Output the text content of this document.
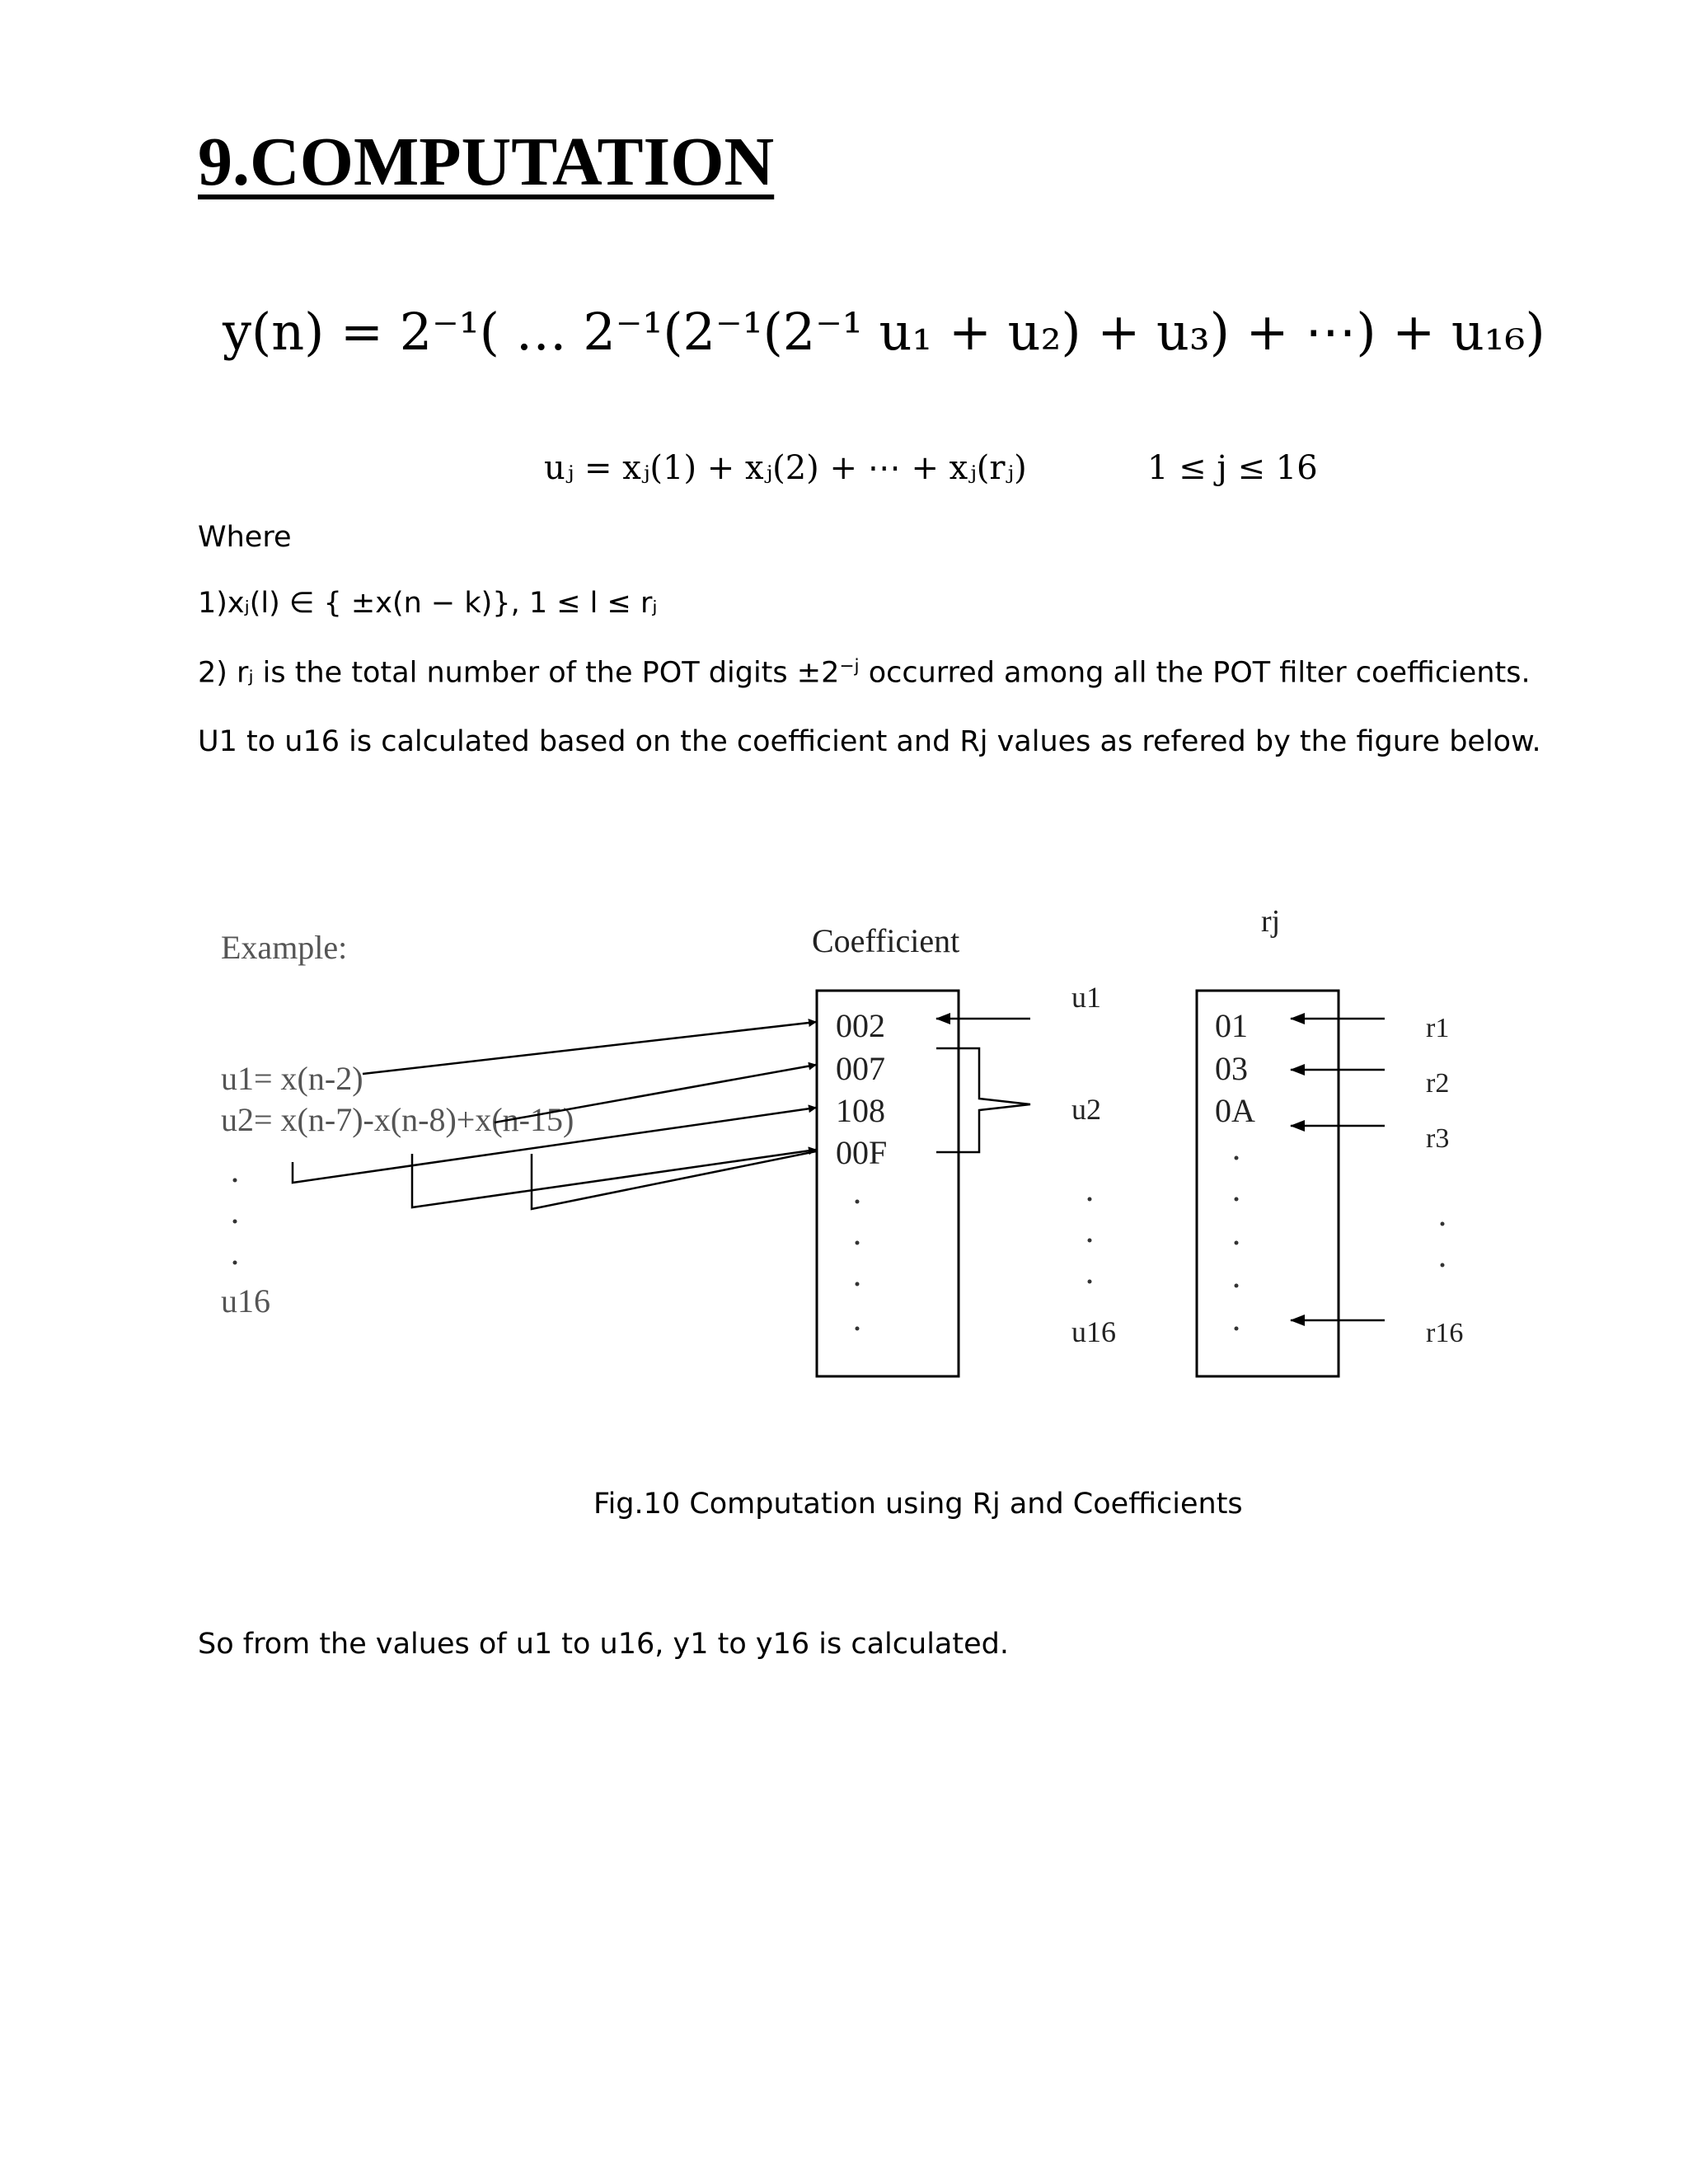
9.COMPUTATION
y(n) = 2⁻¹( … 2⁻¹(2⁻¹(2⁻¹ u₁ + u₂) + u₃) + ⋯) + u₁₆)
uⱼ = xⱼ(1) + xⱼ(2) + ⋯ + xⱼ(rⱼ)	1 ≤ j ≤ 16
Where
1)xⱼ(l) ∈ { ±x(n − k)}, 1 ≤ l ≤ rⱼ
2) rⱼ is the total number of the POT digits $\pm 2^{-j}$ occurred among all the POT filter coefficients.
U1 to u16 is calculated based on the coefficient and Rj values as refered by the figure below.
Example:
u1= x(n-2)
u2= x(n-7)-x(n-8)+x(n-15)
u16
Coefficient
002
007
108
00F
u1
u2
u16
rj
01
03
0A
r1
r2
r3
r16
Fig.10 Computation using Rj and Coefficients
So from the values of u1 to u16, y1 to y16 is calculated.
